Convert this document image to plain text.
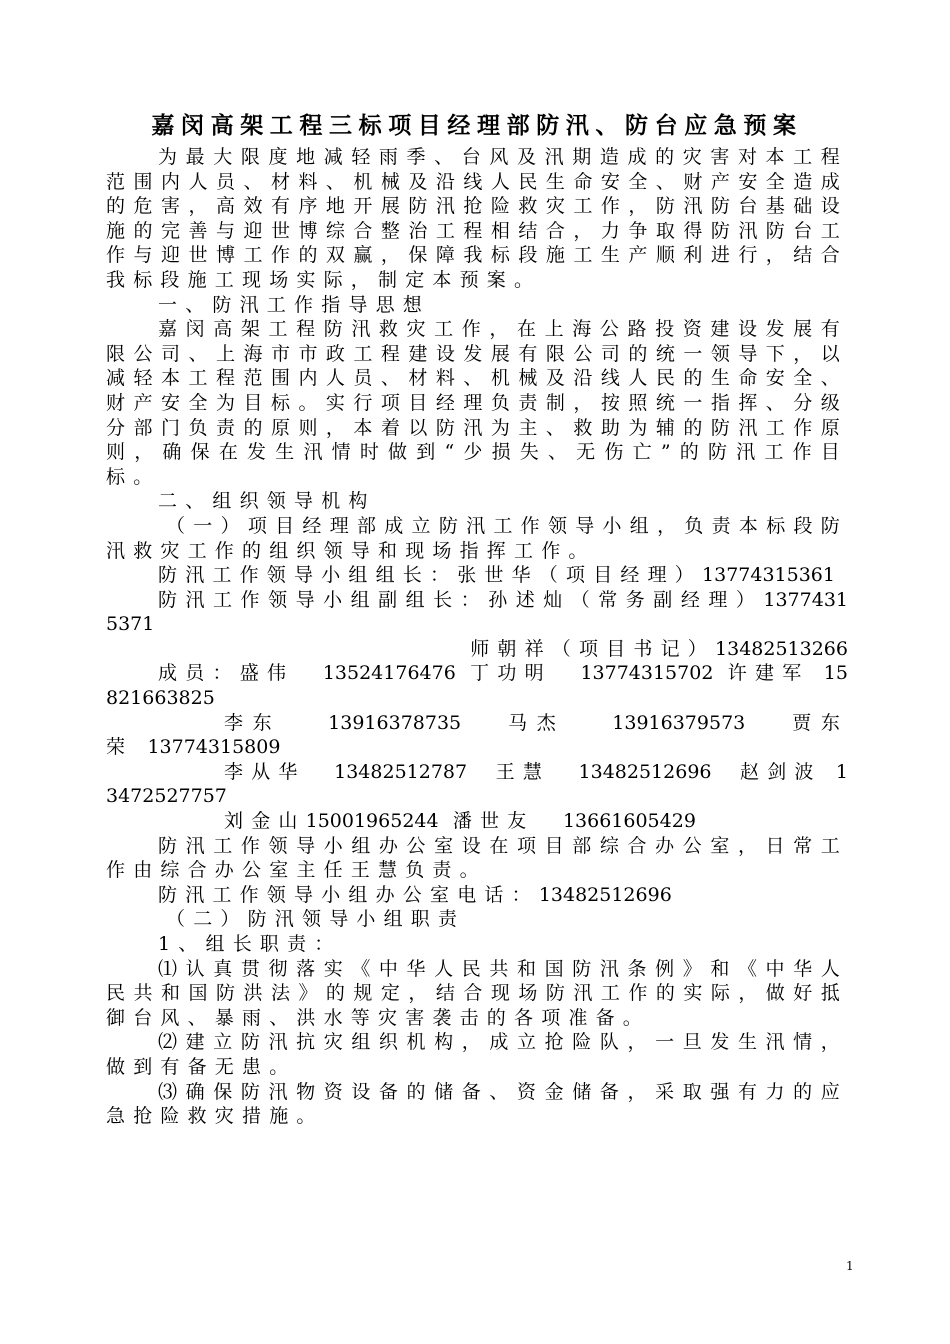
嘉闵高架工程三标项目经理部防汛、防台应急预案

为最大限度地减轻雨季、台风及汛期造成的灾害对本工程范围内人员、材料、机械及沿线人民生命安全、财产安全造成的危害，高效有序地开展防汛抢险救灾工作，防汛防台基础设施的完善与迎世博综合整治工程相结合，力争取得防汛防台工作与迎世博工作的双赢，保障我标段施工生产顺利进行，结合我标段施工现场实际，制定本预案。

一、防汛工作指导思想

嘉闵高架工程防汛救灾工作，在上海公路投资建设发展有限公司、上海市市政工程建设发展有限公司的统一领导下，以减轻本工程范围内人员、材料、机械及沿线人民的生命安全、财产安全为目标。实行项目经理负责制，按照统一指挥、分级分部门负责的原则，本着以防汛为主、救助为辅的防汛工作原则，确保在发生汛情时做到“少损失、无伤亡”的防汛工作目标。

二、组织领导机构

（一）项目经理部成立防汛工作领导小组，负责本标段防汛救灾工作的组织领导和现场指挥工作。

防汛工作领导小组组长：张世华（项目经理）13774315361

防汛工作领导小组副组长：孙述灿（常务副经理）13774315371

师朝祥（项目书记）13482513266

成员：盛伟 13524176476 丁功明 13774315702 许建军 15821663825

李东 13916378735 马杰 13916379573 贾东荣 13774315809

李从华 13482512787 王慧 13482512696 赵剑波 13472527757

刘金山15001965244 潘世友 13661605429

防汛工作领导小组办公室设在项目部综合办公室，日常工作由综合办公室主任王慧负责。

防汛工作领导小组办公室电话：13482512696

（二）防汛领导小组职责

1、组长职责：

⑴认真贯彻落实《中华人民共和国防汛条例》和《中华人民共和国防洪法》的规定，结合现场防汛工作的实际，做好抵御台风、暴雨、洪水等灾害袭击的各项准备。

⑵建立防汛抗灾组织机构，成立抢险队，一旦发生汛情，做到有备无患。

⑶确保防汛物资设备的储备、资金储备，采取强有力的应急抢险救灾措施。

1
